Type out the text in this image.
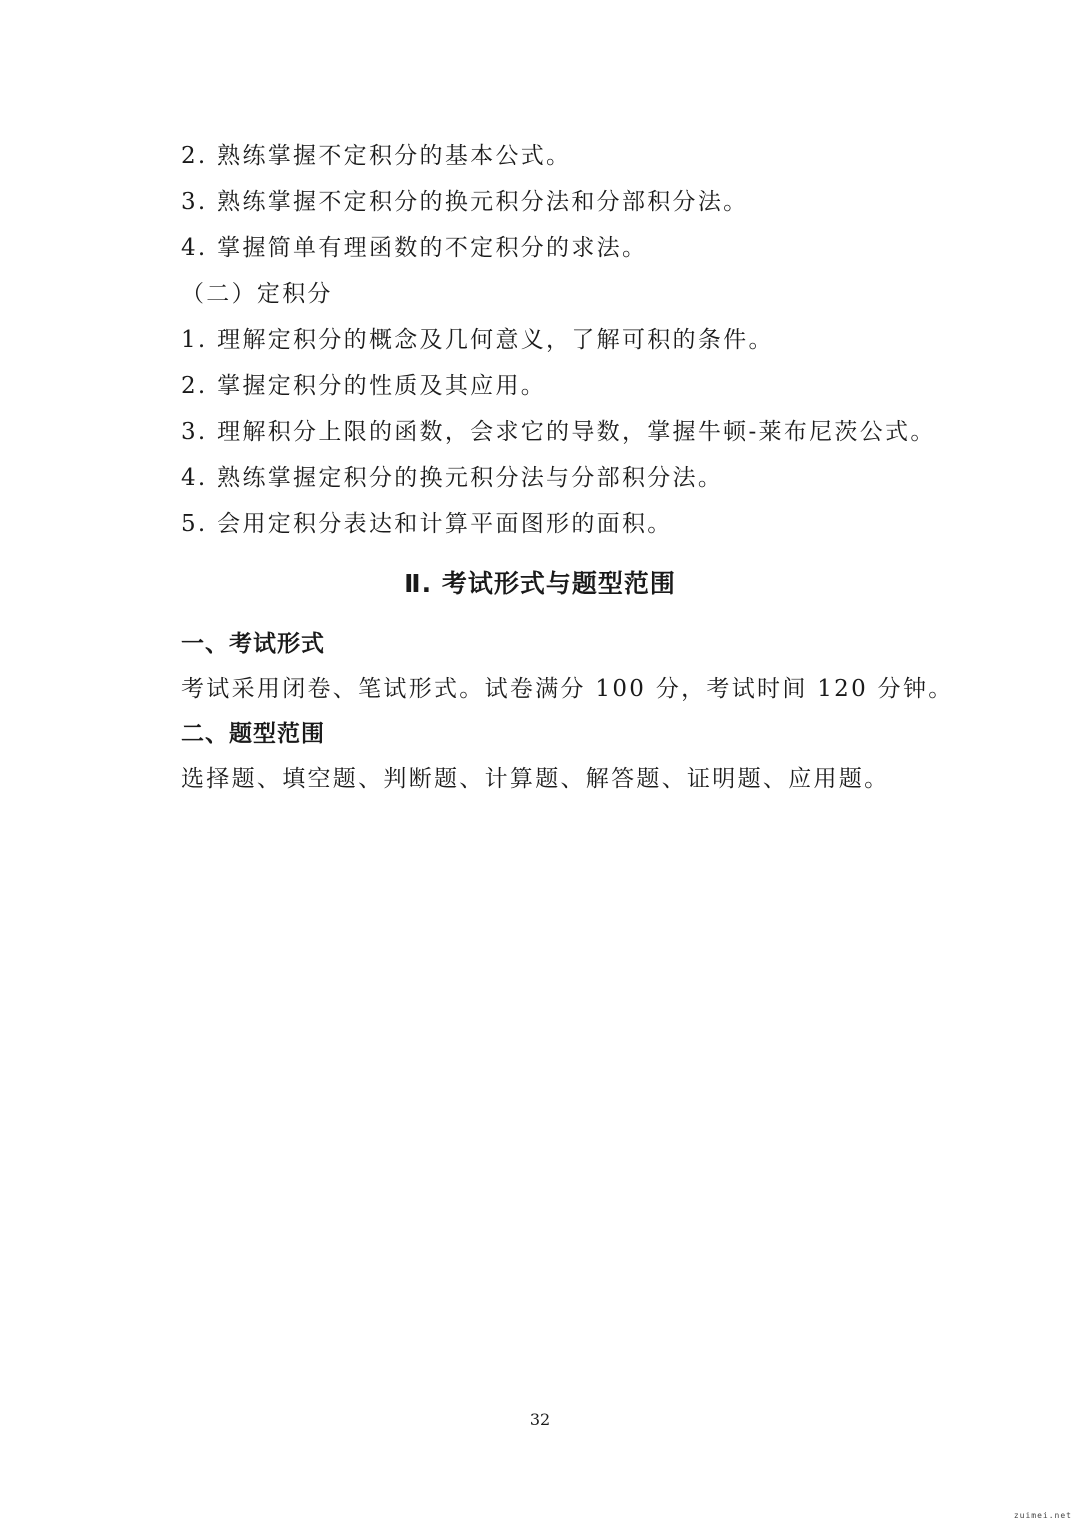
2. 熟练掌握不定积分的基本公式。
3. 熟练掌握不定积分的换元积分法和分部积分法。
4. 掌握简单有理函数的不定积分的求法。
（二）定积分
1. 理解定积分的概念及几何意义，了解可积的条件。
2. 掌握定积分的性质及其应用。
3. 理解积分上限的函数，会求它的导数，掌握牛顿-莱布尼茨公式。
4. 熟练掌握定积分的换元积分法与分部积分法。
5. 会用定积分表达和计算平面图形的面积。
Ⅱ. 考试形式与题型范围
一、考试形式
考试采用闭卷、笔试形式。试卷满分 100 分，考试时间 120 分钟。
二、题型范围
选择题、填空题、判断题、计算题、解答题、证明题、应用题。
32
zuimei.net
